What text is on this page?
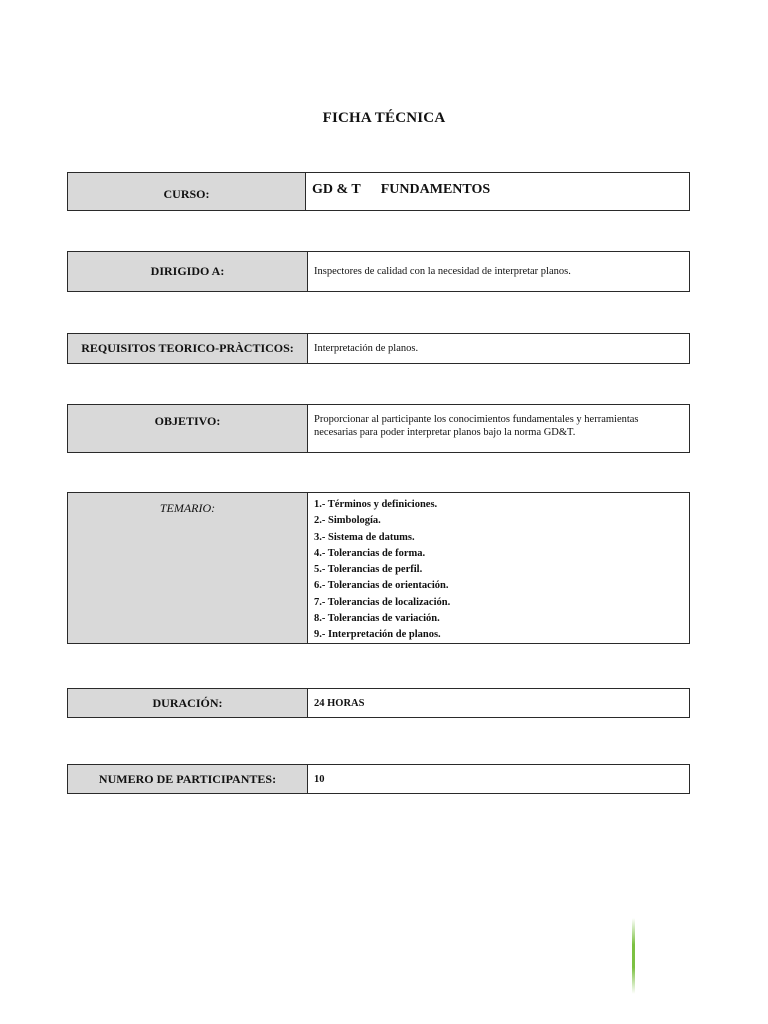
FICHA TÉCNICA
CURSO:	GD & T FUNDAMENTOS
DIRIGIDO A:	Inspectores de calidad con la necesidad de interpretar planos.
REQUISITOS TEORICO-PRÀCTICOS:	Interpretación de planos.
OBJETIVO:	Proporcionar al participante los conocimientos fundamentales y herramientas necesarias para poder interpretar planos bajo la norma GD&T.
TEMARIO:	1.- Términos y definiciones.
2.- Simbología.
3.- Sistema de datums.
4.- Tolerancias de forma.
5.- Tolerancias de perfil.
6.- Tolerancias de orientación.
7.- Tolerancias de localización.
8.- Tolerancias de variación.
9.- Interpretación de planos.
DURACIÓN:	24 HORAS
NUMERO DE PARTICIPANTES:	10
